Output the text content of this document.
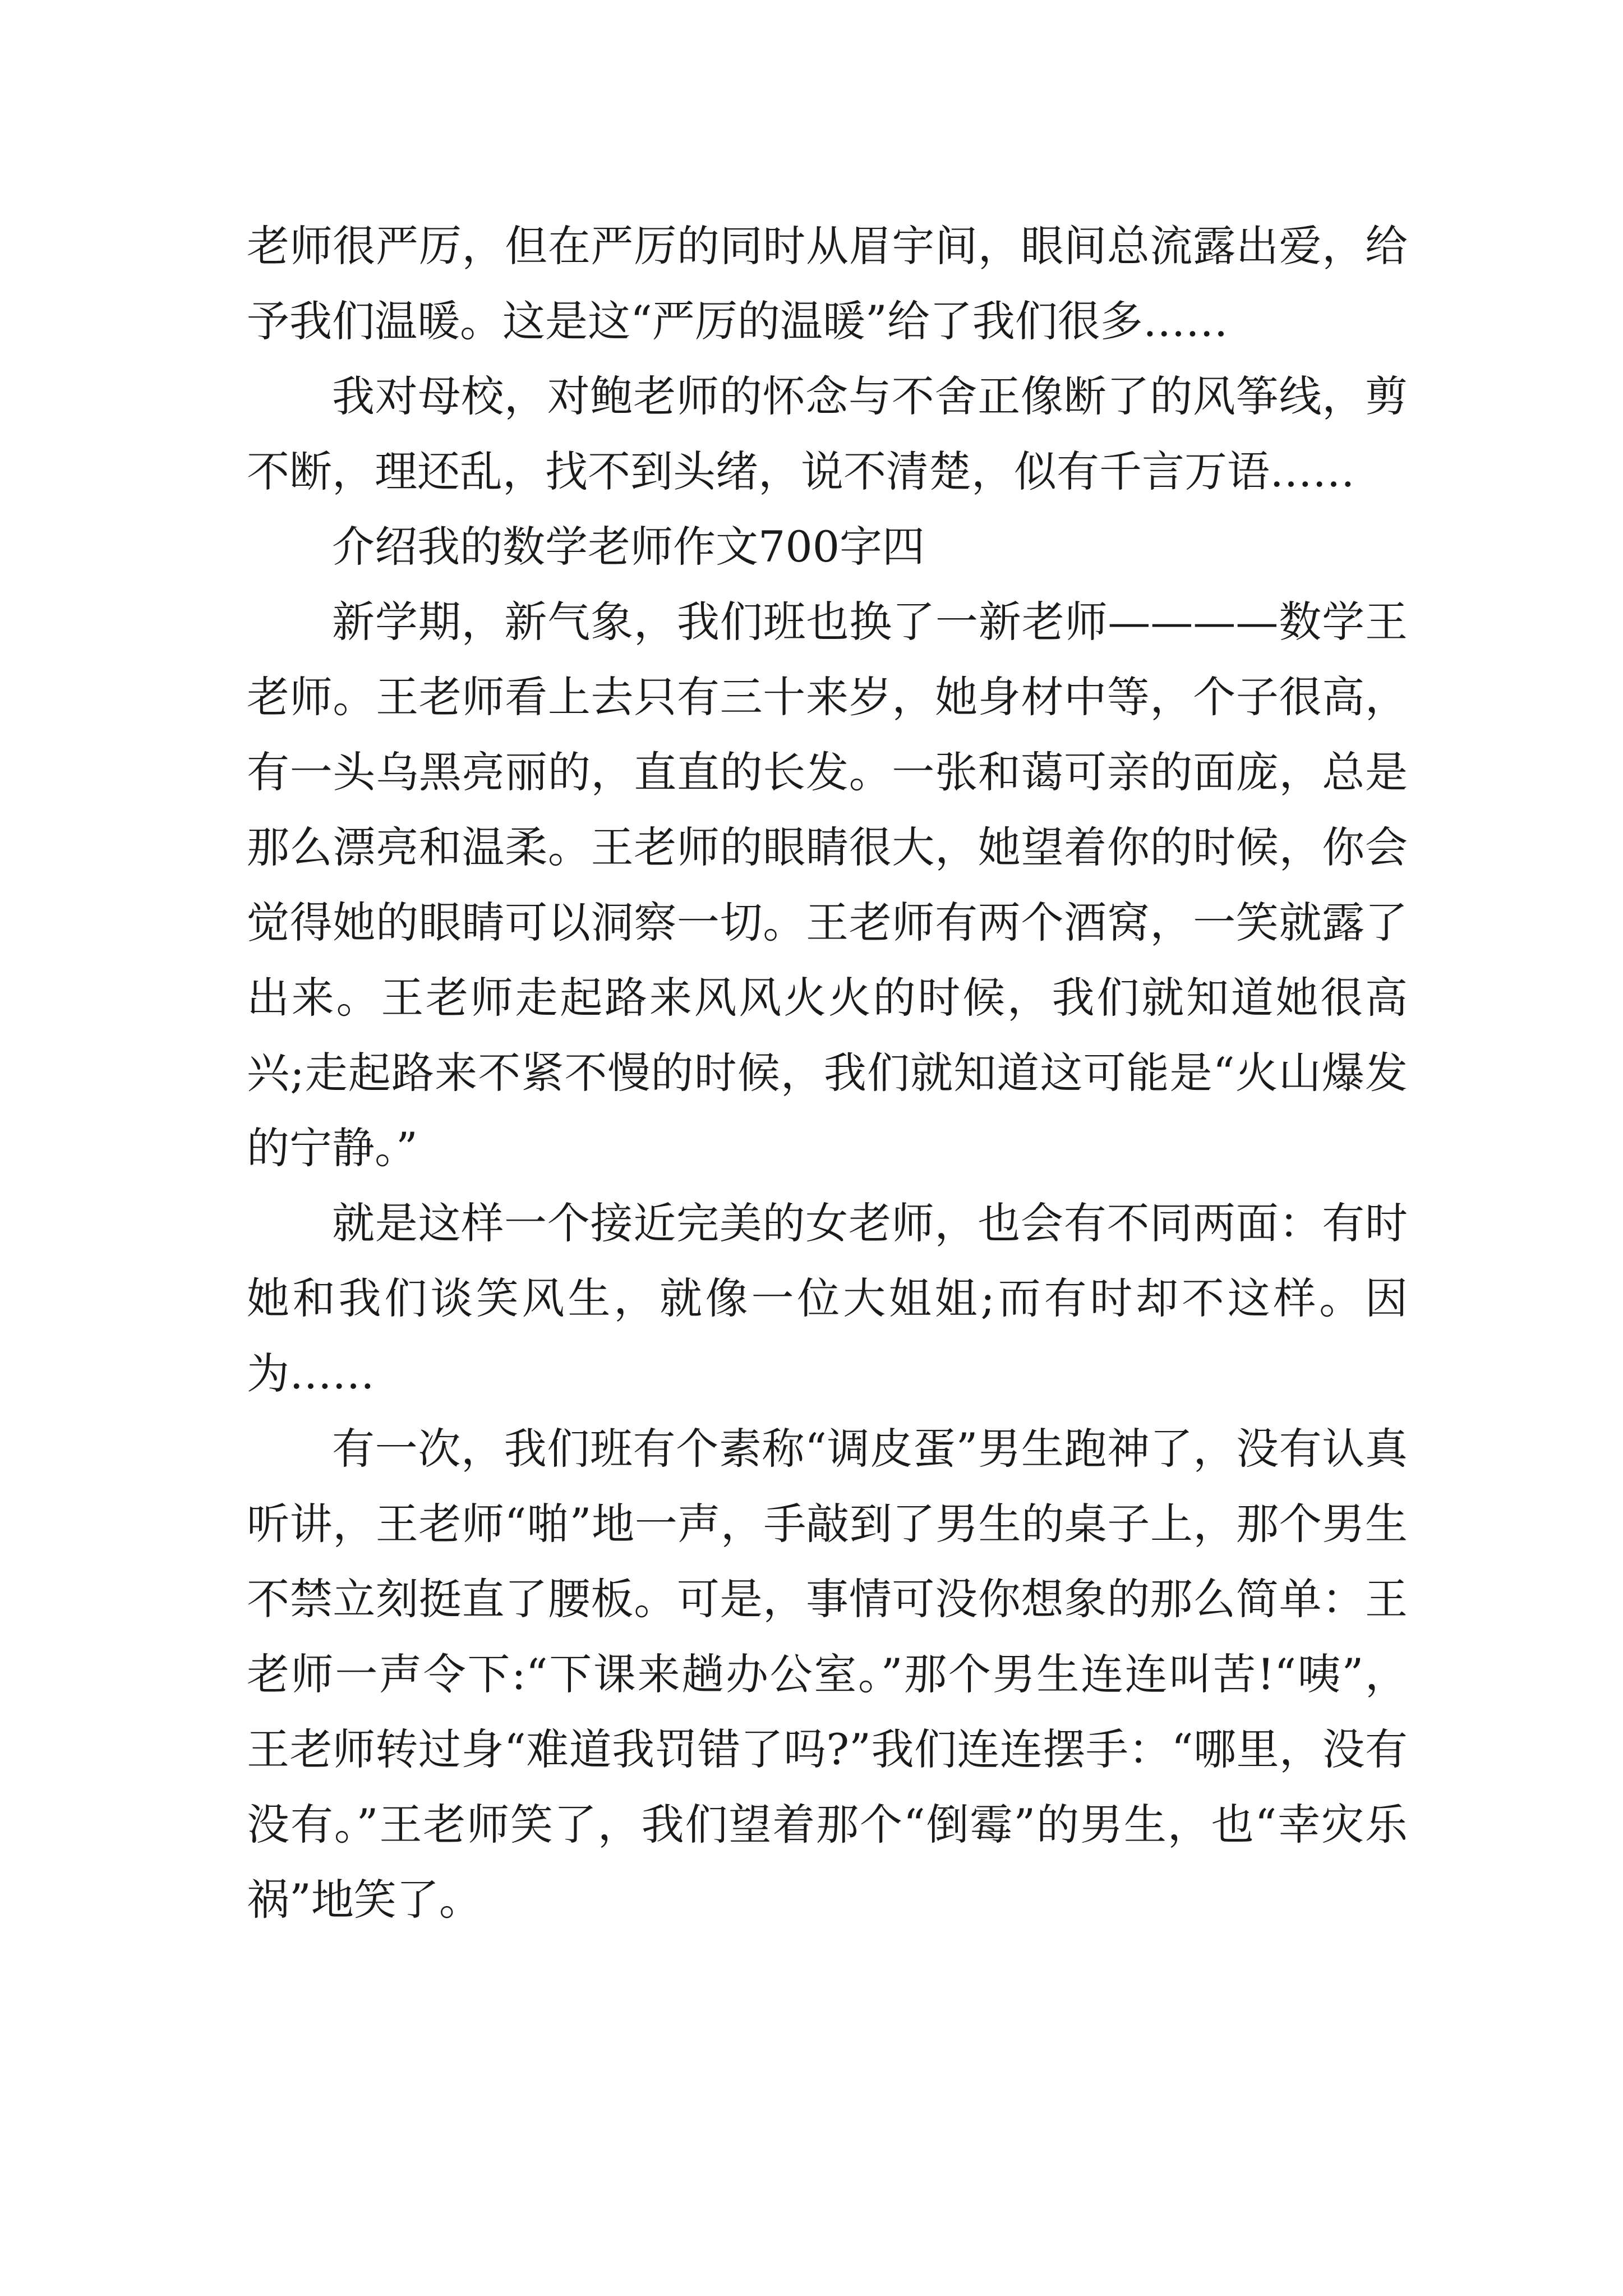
老师很严厉，但在严厉的同时从眉宇间，眼间总流露出爱，给予我们温暖。这是这“严厉的温暖”给了我们很多……

我对母校，对鲍老师的怀念与不舍正像断了的风筝线，剪不断，理还乱，找不到头绪，说不清楚，似有千言万语……

介绍我的数学老师作文700字四

新学期，新气象，我们班也换了一新老师————数学王老师。王老师看上去只有三十来岁，她身材中等，个子很高，有一头乌黑亮丽的，直直的长发。一张和蔼可亲的面庞，总是那么漂亮和温柔。王老师的眼睛很大，她望着你的时候，你会觉得她的眼睛可以洞察一切。王老师有两个酒窝，一笑就露了出来。王老师走起路来风风火火的时候，我们就知道她很高兴;走起路来不紧不慢的时候，我们就知道这可能是“火山爆发的宁静。”

就是这样一个接近完美的女老师，也会有不同两面：有时她和我们谈笑风生，就像一位大姐姐;而有时却不这样。因为……

有一次，我们班有个素称“调皮蛋”男生跑神了，没有认真听讲，王老师“啪”地一声，手敲到了男生的桌子上，那个男生不禁立刻挺直了腰板。可是，事情可没你想象的那么简单：王老师一声令下:“下课来趟办公室。”那个男生连连叫苦!“咦”，王老师转过身“难道我罚错了吗?”我们连连摆手：“哪里，没有没有。”王老师笑了，我们望着那个“倒霉”的男生，也“幸灾乐祸”地笑了。
